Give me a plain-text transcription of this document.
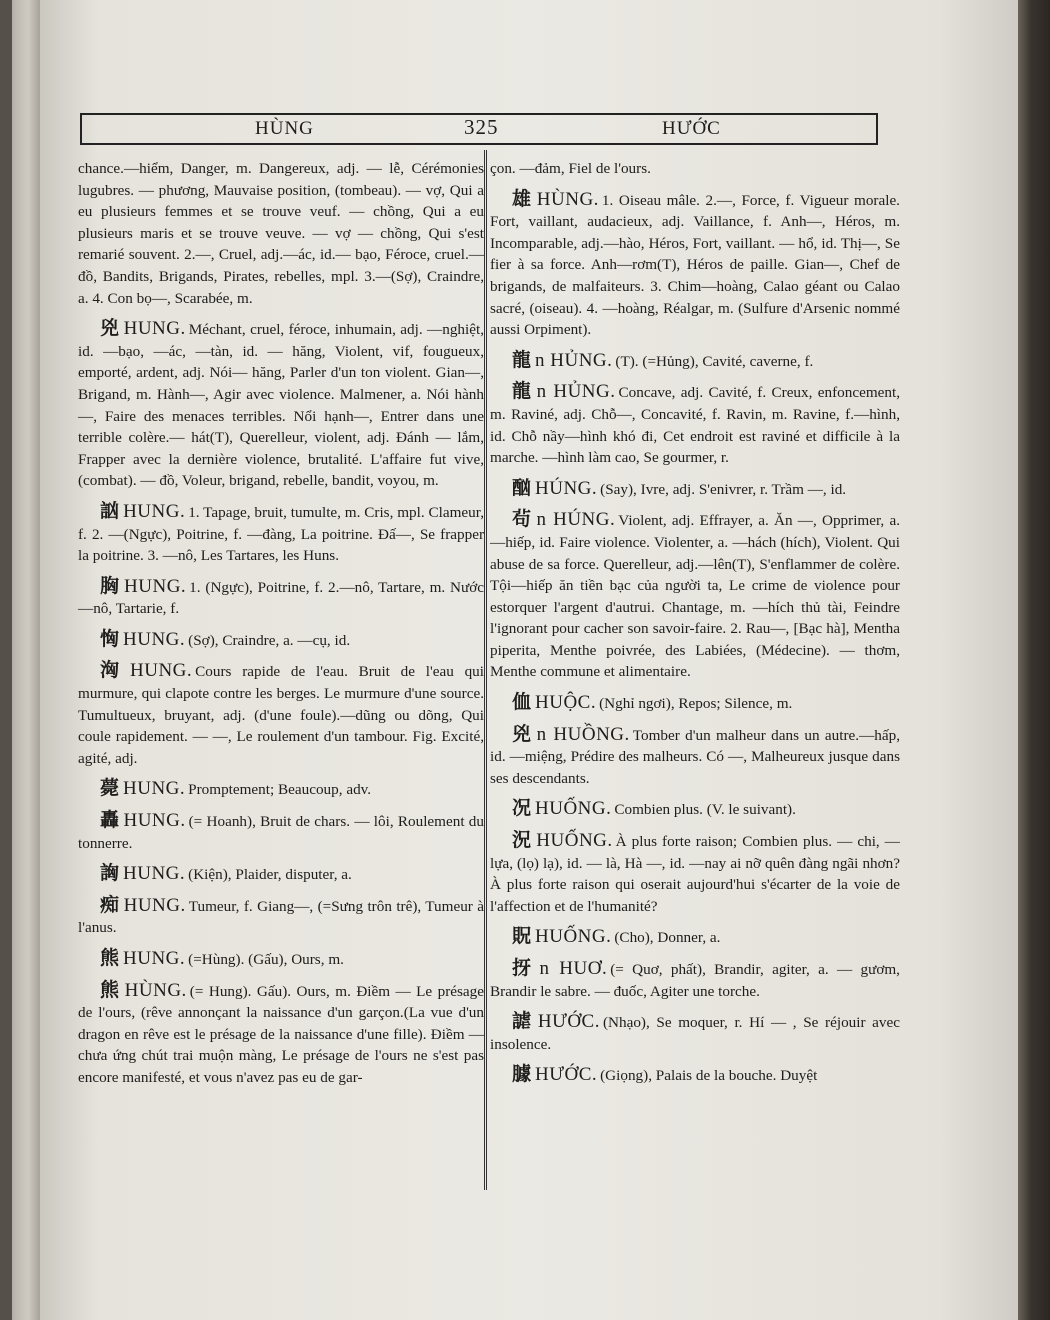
HÙNG	325	HƯỚC

chance.—hiểm, Danger, m. Dangereux, adj. — lễ, Cérémonies lugubres. — phương, Mauvaise position, (tombeau). — vợ, Qui a eu plusieurs femmes et se trouve veuf. — chồng, Qui a eu plusieurs maris et se trouve veuve. — vợ — chồng, Qui s'est remarié souvent. 2.—, Cruel, adj.—ác, id.— bạo, Féroce, cruel.—đồ, Bandits, Brigands, Pirates, rebelles, mpl. 3.—(Sợ), Craindre, a. 4. Con bọ—, Scarabée, m.

兇 HUNG. Méchant, cruel, féroce, inhumain, adj. —nghiệt, id. —bạo, —ác, —tàn, id. — hăng, Violent, vif, fougueux, emporté, ardent, adj. Nói— hăng, Parler d'un ton violent. Gian—, Brigand, m. Hành—, Agir avec violence. Malmener, a. Nói hành —, Faire des menaces terribles. Nổi hạnh—, Entrer dans une terrible colère.— hát(T), Querelleur, violent, adj. Đánh — lắm, Frapper avec la dernière violence, brutalité. L'affaire fut vive, (combat). — đồ, Voleur, brigand, rebelle, bandit, voyou, m.

訩 HUNG. 1. Tapage, bruit, tumulte, m. Cris, mpl. Clameur, f. 2. —(Ngực), Poitrine, f. —đàng, La poitrine. Đấ—, Se frapper la poitrine. 3. —nô, Les Tartares, les Huns.

胸 HUNG. 1. (Ngực), Poitrine, f. 2.—nô, Tartare, m. Nước—nô, Tartarie, f.

恟 HUNG. (Sợ), Craindre, a. —cụ, id.

洶 HUNG. Cours rapide de l'eau. Bruit de l'eau qui murmure, qui clapote contre les berges. Le murmure d'une source. Tumultueux, bruyant, adj. (d'une foule).—dũng ou dõng, Qui coule rapidement. — —, Le roulement d'un tambour. Fig. Excité, agité, adj.

薨 HUNG. Promptement; Beaucoup, adv.

轟 HUNG. (= Hoanh), Bruit de chars. — lôi, Roulement du tonnerre.

詾 HUNG. (Kiện), Plaider, disputer, a.

痴 HUNG. Tumeur, f. Giang—, (=Sưng trôn trê), Tumeur à l'anus.

熊 HUNG. (=Hùng). (Gấu), Ours, m.

熊 HÙNG. (= Hung). Gấu). Ours, m. Điềm — Le présage de l'ours, (rêve annonçant la naissance d'un garçon.(La vue d'un dragon en rêve est le présage de la naissance d'une fille). Điềm — chưa ứng chút trai muộn màng, Le présage de l'ours ne s'est pas encore manifesté, et vous n'avez pas eu de gar-

çon. —đảm, Fiel de l'ours.

雄 HÙNG. 1. Oiseau mâle. 2.—, Force, f. Vigueur morale. Fort, vaillant, audacieux, adj. Vaillance, f. Anh—, Héros, m. Incomparable, adj.—hào, Héros, Fort, vaillant. — hổ, id. Thị—, Se fier à sa force. Anh—rơm(T), Héros de paille. Gian—, Chef de brigands, de malfaiteurs. 3. Chim—hoàng, Calao géant ou Calao sacré, (oiseau). 4. —hoàng, Réalgar, m. (Sulfure d'Arsenic nommé aussi Orpiment).

龍 n HỦNG. (T). (=Hủng), Cavité, caverne, f.

龍 n HỦNG. Concave, adj. Cavité, f. Creux, enfoncement, m. Raviné, adj. Chỗ—, Concavité, f. Ravin, m. Ravine, f.—hình, id. Chỗ nầy—hình khó đi, Cet endroit est raviné et difficile à la marche. —hình làm cao, Se gourmer, r.

酗 HÚNG. (Say), Ivre, adj. S'enivrer, r. Trầm —, id.

茍 n HÚNG. Violent, adj. Effrayer, a. Ăn —, Opprimer, a. —hiếp, id. Faire violence. Violenter, a. —hách (hích), Violent. Qui abuse de sa force. Querelleur, adj.—lên(T), S'enflammer de colère. Tội—hiếp ăn tiền bạc của người ta, Le crime de violence pour estorquer l'argent d'autrui. Chantage, m. —hích thủ tài, Feindre l'ignorant pour cacher son savoir-faire. 2. Rau—, [Bạc hà], Mentha piperita, Menthe poivrée, des Labiées, (Médecine). — thơm, Menthe commune et alimentaire.

侐 HUỘC. (Nghỉ ngơi), Repos; Silence, m.

兇 n HUỒNG. Tomber d'un malheur dans un autre.—hấp, id. —miệng, Prédire des malheurs. Có —, Malheureux jusque dans ses descendants.

况 HUỐNG. Combien plus. (V. le suivant).

況 HUỐNG. À plus forte raison; Combien plus. — chi, — lựa, (lọ) lạ), id. — là, Hà —, id. —nay ai nỡ quên đàng ngãi nhơn? À plus forte raison qui oserait aujourd'hui s'écarter de la voie de l'affection et de l'humanité?

貺 HUỐNG. (Cho), Donner, a.

㧎 n HUƠ. (= Quơ, phất), Brandir, agiter, a. — gươm, Brandir le sabre. — đuốc, Agiter une torche.

謔 HƯỚC. (Nhạo), Se moquer, r. Hí — , Se réjouir avec insolence.

臄 HƯỚC. (Giọng), Palais de la bouche. Duyệt
